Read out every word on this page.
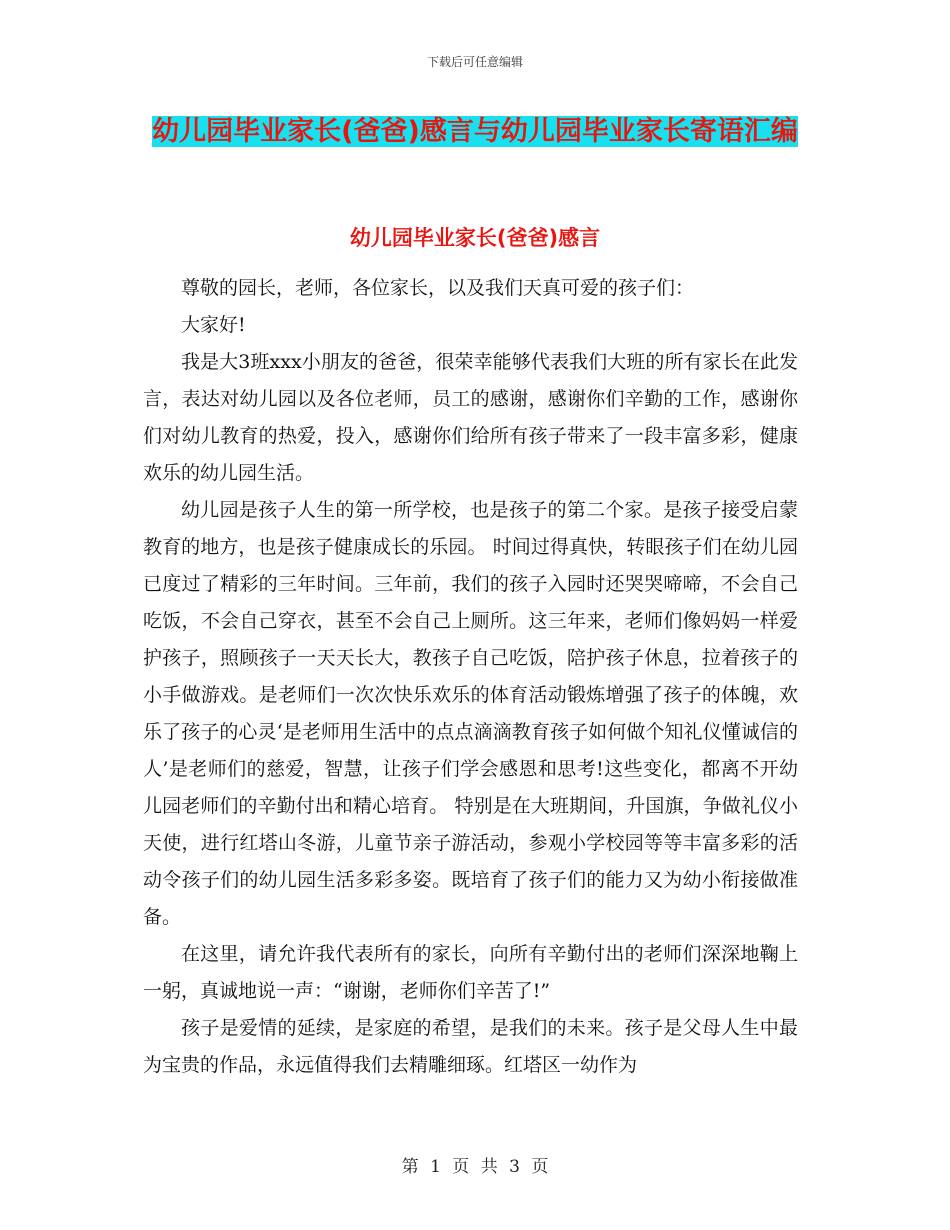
下载后可任意编辑
幼儿园毕业家长(爸爸)感言与幼儿园毕业家长寄语汇编
幼儿园毕业家长(爸爸)感言

尊敬的园长，老师，各位家长，以及我们天真可爱的孩子们：

大家好!

我是大3班xxx小朋友的爸爸，很荣幸能够代表我们大班的所有家长在此发言，表达对幼儿园以及各位老师，员工的感谢，感谢你们辛勤的工作，感谢你们对幼儿教育的热爱，投入，感谢你们给所有孩子带来了一段丰富多彩，健康欢乐的幼儿园生活。

幼儿园是孩子人生的第一所学校，也是孩子的第二个家。是孩子接受启蒙教育的地方，也是孩子健康成长的乐园。 时间过得真快，转眼孩子们在幼儿园已度过了精彩的三年时间。三年前，我们的孩子入园时还哭哭啼啼，不会自己吃饭，不会自己穿衣，甚至不会自己上厕所。这三年来，老师们像妈妈一样爱护孩子，照顾孩子一天天长大，教孩子自己吃饭，陪护孩子休息，拉着孩子的小手做游戏。是老师们一次次快乐欢乐的体育活动锻炼增强了孩子的体魄，欢乐了孩子的心灵‘是老师用生活中的点点滴滴教育孩子如何做个知礼仪懂诚信的人’是老师们的慈爱，智慧，让孩子们学会感恩和思考!这些变化，都离不开幼儿园老师们的辛勤付出和精心培育。 特别是在大班期间，升国旗，争做礼仪小天使，进行红塔山冬游，儿童节亲子游活动，参观小学校园等等丰富多彩的活动令孩子们的幼儿园生活多彩多姿。既培育了孩子们的能力又为幼小衔接做准备。

在这里，请允许我代表所有的家长，向所有辛勤付出的老师们深深地鞠上一躬，真诚地说一声：“谢谢，老师你们辛苦了!”

孩子是爱情的延续，是家庭的希望，是我们的未来。孩子是父母人生中最为宝贵的作品，永远值得我们去精雕细琢。红塔区一幼作为

第 1 页 共 3 页
